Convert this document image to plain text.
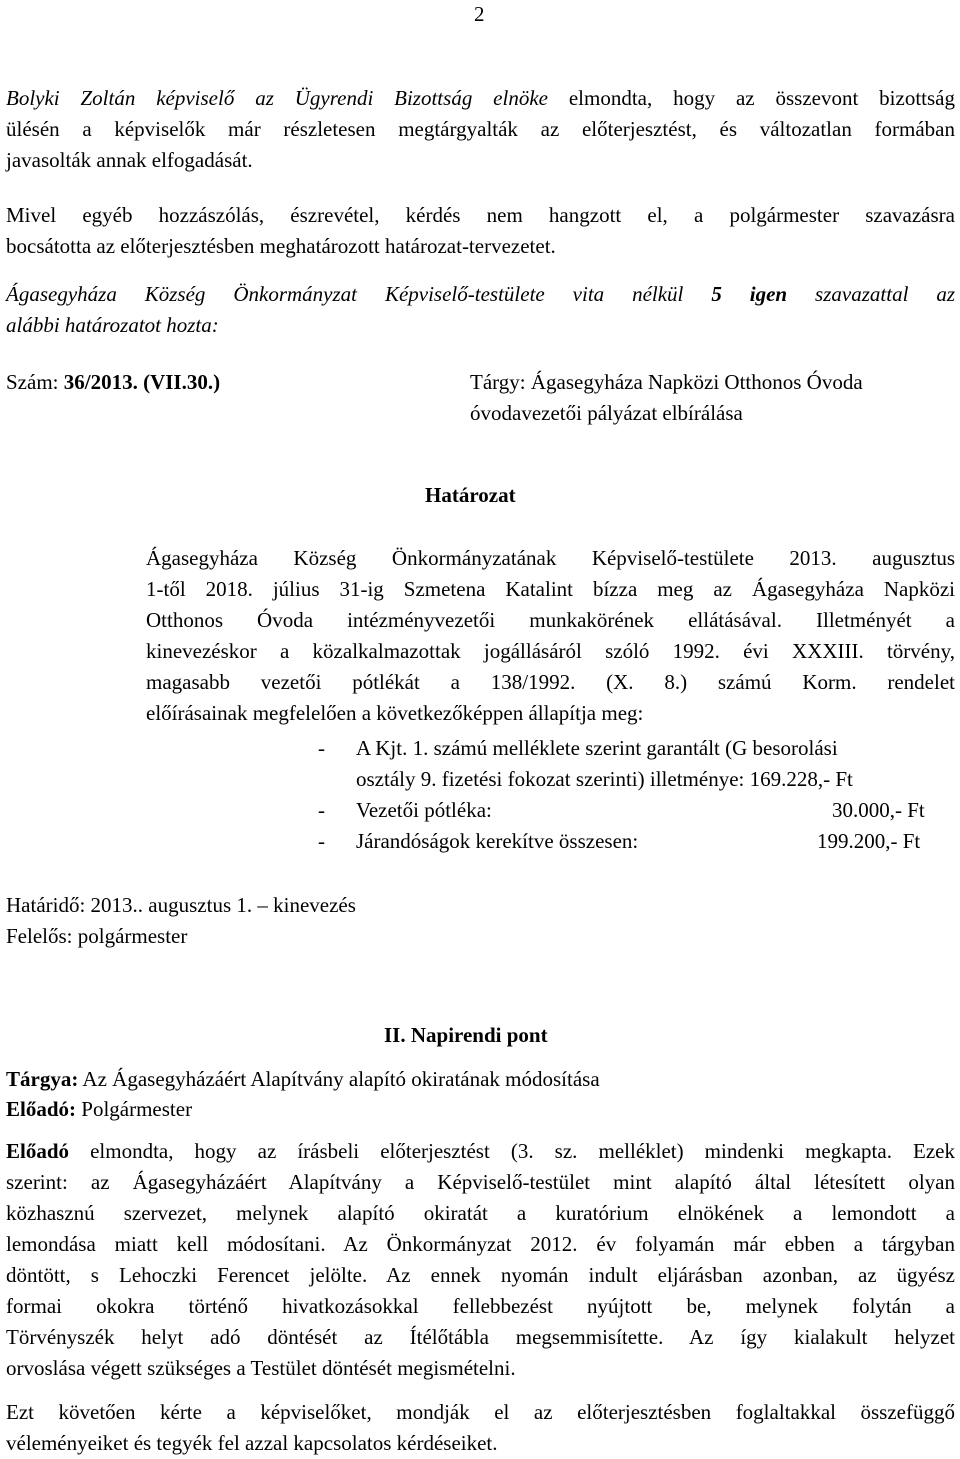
2
Bolyki Zoltán képviselő az Ügyrendi Bizottság elnöke elmondta, hogy az összevont bizottság
ülésén a képviselők már részletesen megtárgyalták az előterjesztést, és változatlan formában
javasolták annak elfogadását.
Mivel egyéb hozzászólás, észrevétel, kérdés nem hangzott el, a polgármester szavazásra
bocsátotta az előterjesztésben meghatározott határozat-tervezetet.
Ágasegyháza Község Önkormányzat Képviselő-testülete vita nélkül 5 igen szavazattal az
alábbi határozatot hozta:
Szám: 36/2013. (VII.30.)	Tárgy: Ágasegyháza Napközi Otthonos Óvoda
óvodavezetői pályázat elbírálása
Határozat
Ágasegyháza Község Önkormányzatának Képviselő-testülete 2013. augusztus
1-től 2018. július 31-ig Szmetena Katalint bízza meg az Ágasegyháza Napközi
Otthonos Óvoda intézményvezetői munkakörének ellátásával. Illetményét a
kinevezéskor a közalkalmazottak jogállásáról szóló 1992. évi XXXIII. törvény,
magasabb vezetői pótlékát a 138/1992. (X. 8.) számú Korm. rendelet
előírásainak megfelelően a következőképpen állapítja meg:
- A Kjt. 1. számú melléklete szerint garantált (G besorolási
osztály 9. fizetési fokozat szerinti) illetménye: 169.228,- Ft
- Vezetői pótléka:	30.000,- Ft
- Járandóságok kerekítve összesen:	199.200,- Ft
Határidő: 2013.. augusztus 1. – kinevezés
Felelős: polgármester
II. Napirendi pont
Tárgya: Az Ágasegyházáért Alapítvány alapító okiratának módosítása
Előadó: Polgármester
Előadó elmondta, hogy az írásbeli előterjesztést (3. sz. melléklet) mindenki megkapta. Ezek
szerint: az Ágasegyházáért Alapítvány a Képviselő-testület mint alapító által létesített olyan
közhasznú szervezet, melynek alapító okiratát a kuratórium elnökének a lemondott a
lemondása miatt kell módosítani. Az Önkormányzat 2012. év folyamán már ebben a tárgyban
döntött, s Lehoczki Ferencet jelölte. Az ennek nyomán indult eljárásban azonban, az ügyész
formai okokra történő hivatkozásokkal fellebbezést nyújtott be, melynek folytán a
Törvényszék helyt adó döntését az Ítélőtábla megsemmisítette. Az így kialakult helyzet
orvoslása végett szükséges a Testület döntését megismételni.
Ezt követően kérte a képviselőket, mondják el az előterjesztésben foglaltakkal összefüggő
véleményeiket és tegyék fel azzal kapcsolatos kérdéseiket.
